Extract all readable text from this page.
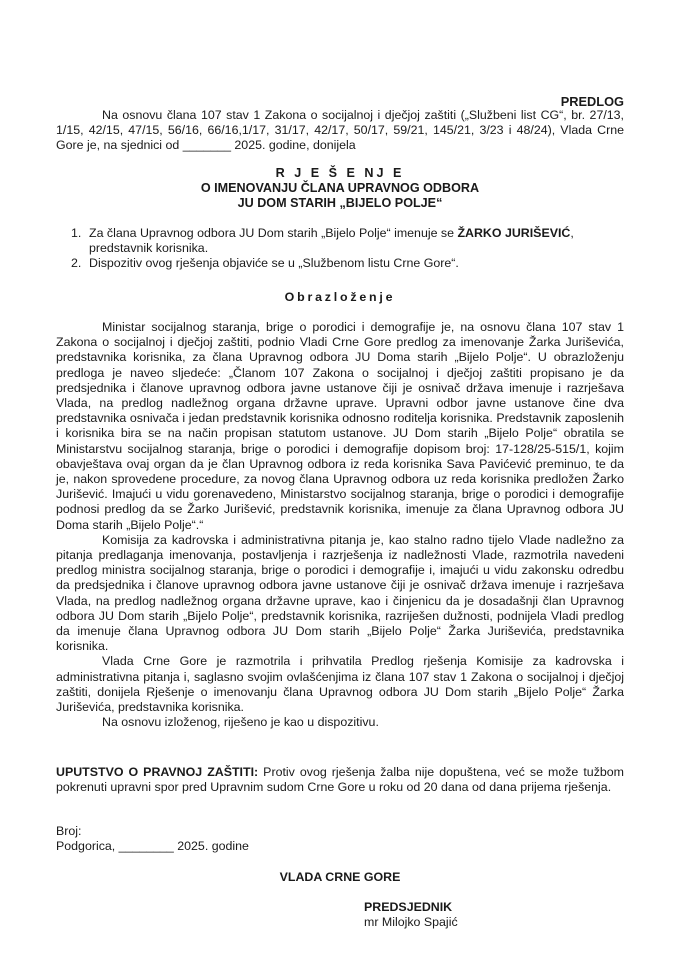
PREDLOG
Na osnovu člana 107 stav 1 Zakona o socijalnoj i dječjoj zaštiti („Službeni list CG“, br. 27/13, 1/15, 42/15, 47/15, 56/16, 66/16,1/17, 31/17, 42/17, 50/17, 59/21, 145/21, 3/23 i 48/24), Vlada Crne Gore je, na sjednici od _______ 2025. godine, donijela
R J E Š E NJ E
O IMENOVANJU ČLANA UPRAVNOG ODBORA
JU DOM STARIH „BIJELO POLJE“
1. Za člana Upravnog odbora JU Dom starih „Bijelo Polje“ imenuje se ŽARKO JURIŠEVIĆ, predstavnik korisnika.
2. Dispozitiv ovog rješenja objaviće se u „Službenom listu Crne Gore“.
Obrazloženje

Ministar socijalnog staranja, brige o porodici i demografije je, na osnovu člana 107 stav 1 Zakona o socijalnoj i dječjoj zaštiti, podnio Vladi Crne Gore predlog za imenovanje Žarka Juriševića, predstavnika korisnika, za člana Upravnog odbora JU Doma starih „Bijelo Polje“. U obrazloženju predloga je naveo sljedeće: „Članom 107 Zakona o socijalnoj i dječjoj zaštiti propisano je da predsjednika i članove upravnog odbora javne ustanove čiji je osnivač država imenuje i razrješava Vlada, na predlog nadležnog organa državne uprave. Upravni odbor javne ustanove čine dva predstavnika osnivača i jedan predstavnik korisnika odnosno roditelja korisnika. Predstavnik zaposlenih i korisnika bira se na način propisan statutom ustanove. JU Dom starih „Bijelo Polje“ obratila se Ministarstvu socijalnog staranja, brige o porodici i demografije dopisom broj: 17-128/25-515/1, kojim obavještava ovaj organ da je član Upravnog odbora iz reda korisnika Sava Pavićević preminuo, te da je, nakon sprovedene procedure, za novog člana Upravnog odbora uz reda korisnika predložen Žarko Jurišević. Imajući u vidu gorenavedeno, Ministarstvo socijalnog staranja, brige o porodici i demografije podnosi predlog da se Žarko Jurišević, predstavnik korisnika, imenuje za člana Upravnog odbora JU Doma starih „Bijelo Polje“.“

Komisija za kadrovska i administrativna pitanja je, kao stalno radno tijelo Vlade nadležno za pitanja predlaganja imenovanja, postavljenja i razrješenja iz nadležnosti Vlade, razmotrila navedeni predlog ministra socijalnog staranja, brige o porodici i demografije i, imajući u vidu zakonsku odredbu da predsjednika i članove upravnog odbora javne ustanove čiji je osnivač država imenuje i razrješava Vlada, na predlog nadležnog organa državne uprave, kao i činjenicu da je dosadašnji član Upravnog odbora JU Dom starih „Bijelo Polje“, predstavnik korisnika, razriješen dužnosti, podnijela Vladi predlog da imenuje člana Upravnog odbora JU Dom starih „Bijelo Polje“ Žarka Juriševića, predstavnika korisnika.

Vlada Crne Gore je razmotrila i prihvatila Predlog rješenja Komisije za kadrovska i administrativna pitanja i, saglasno svojim ovlašćenjima iz člana 107 stav 1 Zakona o socijalnoj i dječjoj zaštiti, donijela Rješenje o imenovanju člana Upravnog odbora JU Dom starih „Bijelo Polje“ Žarka Juriševića, predstavnika korisnika.

Na osnovu izloženog, riješeno je kao u dispozitivu.

UPUTSTVO O PRAVNOJ ZAŠTITI: Protiv ovog rješenja žalba nije dopuštena, već se može tužbom pokrenuti upravni spor pred Upravnim sudom Crne Gore u roku od 20 dana od dana prijema rješenja.

Broj:
Podgorica, ________ 2025. godine
VLADA CRNE GORE
PREDSJEDNIK
mr Milojko Spajić
